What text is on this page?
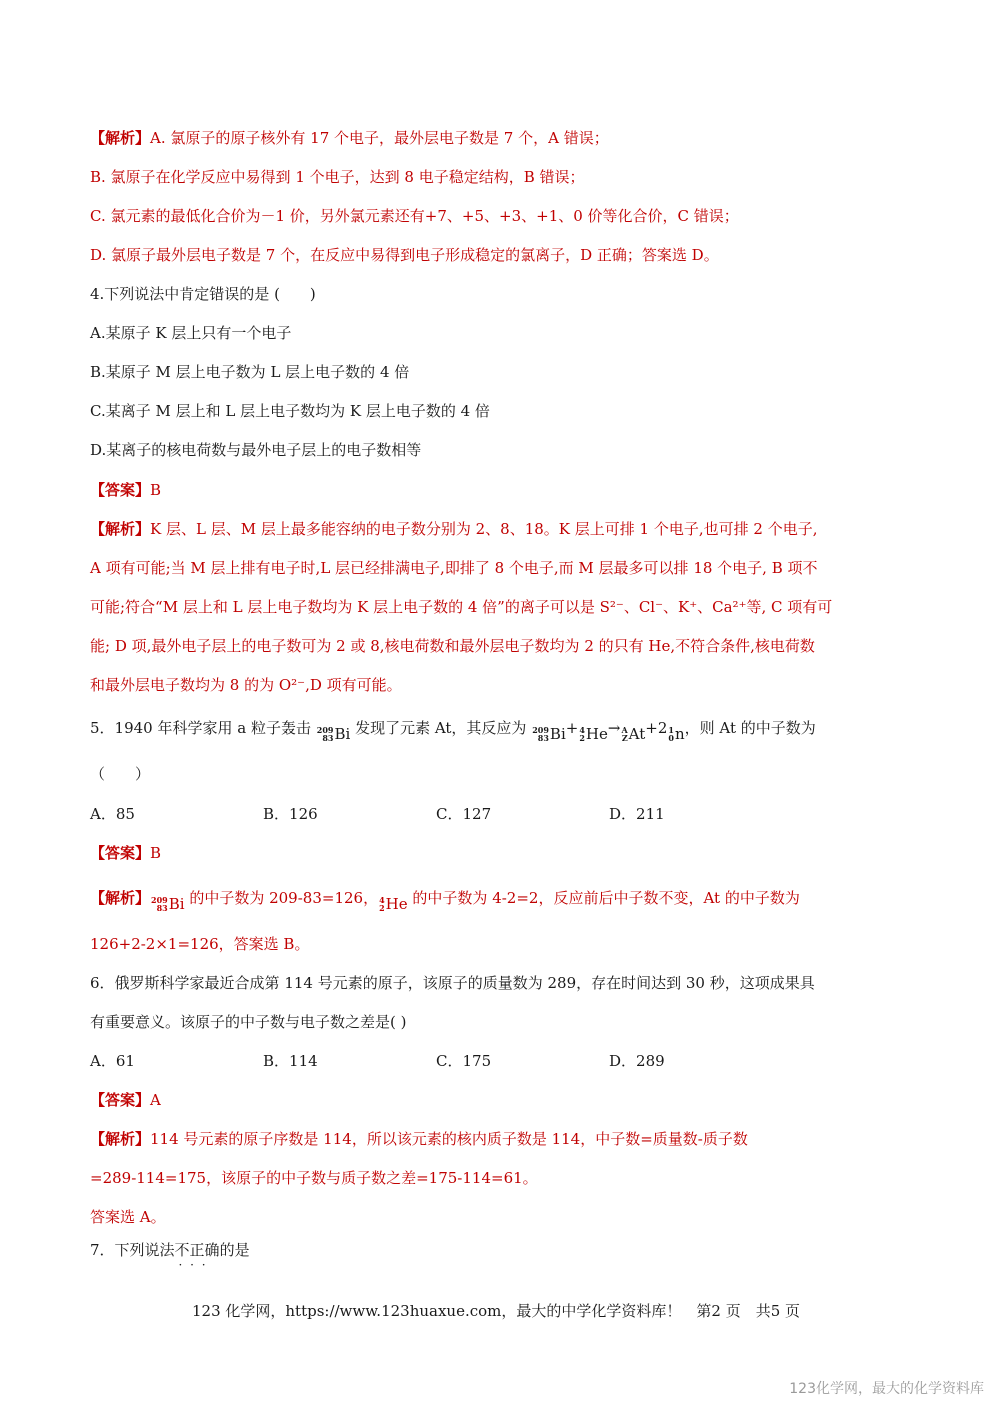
【解析】A. 氯原子的原子核外有 17 个电子，最外层电子数是 7 个，A 错误；
B. 氯原子在化学反应中易得到 1 个电子，达到 8 电子稳定结构，B 错误；
C. 氯元素的最低化合价为－1 价，另外氯元素还有+7、+5、+3、+1、0 价等化合价，C 错误；
D. 氯原子最外层电子数是 7 个，在反应中易得到电子形成稳定的氯离子，D 正确；答案选 D。
4.下列说法中肯定错误的是 (　　)
A.某原子 K 层上只有一个电子
B.某原子 M 层上电子数为 L 层上电子数的 4 倍
C.某离子 M 层上和 L 层上电子数均为 K 层上电子数的 4 倍
D.某离子的核电荷数与最外电子层上的电子数相等
【答案】B
【解析】K 层、L 层、M 层上最多能容纳的电子数分别为 2、8、18。K 层上可排 1 个电子,也可排 2 个电子,
A 项有可能;当 M 层上排有电子时,L 层已经排满电子,即排了 8 个电子,而 M 层最多可以排 18 个电子, B 项不
可能;符合“M 层上和 L 层上电子数均为 K 层上电子数的 4 倍”的离子可以是 S²⁻、Cl⁻、K⁺、Ca²⁺等, C 项有可
能; D 项,最外电子层上的电子数可为 2 或 8,核电荷数和最外层电子数均为 2 的只有 He,不符合条件,核电荷数
和最外层电子数均为 8 的为 O²⁻,D 项有可能。
5．1940 年科学家用 a 粒子轰击 209
83 Bi 发现了元素 At，其反应为 209
83 Bi + 4
2 He → A
Z At +2 1
0 n ，则 At 的中子数为
（　　）
A．85	B．126	C．127	D．211
【答案】B
【解析】 209
83 Bi 的中子数为 209-83=126， 4
2 He 的中子数为 4-2=2，反应前后中子数不变，At 的中子数为
126+2-2×1=126，答案选 B。
6．俄罗斯科学家最近合成第 114 号元素的原子，该原子的质量数为 289，存在时间达到 30 秒，这项成果具
有重要意义。该原子的中子数与电子数之差是( )
A．61	B．114	C．175	D．289
【答案】A
【解析】114 号元素的原子序数是 114，所以该元素的核内质子数是 114，中子数=质量数-质子数
=289-114=175，该原子的中子数与质子数之差=175-114=61。
答案选 A。
7．下列说法不正确 · · ·的是
123 化学网，https://www.123huaxue.com，最大的中学化学资料库！　第2 页　共5 页
123化学网，最大的化学资料库
